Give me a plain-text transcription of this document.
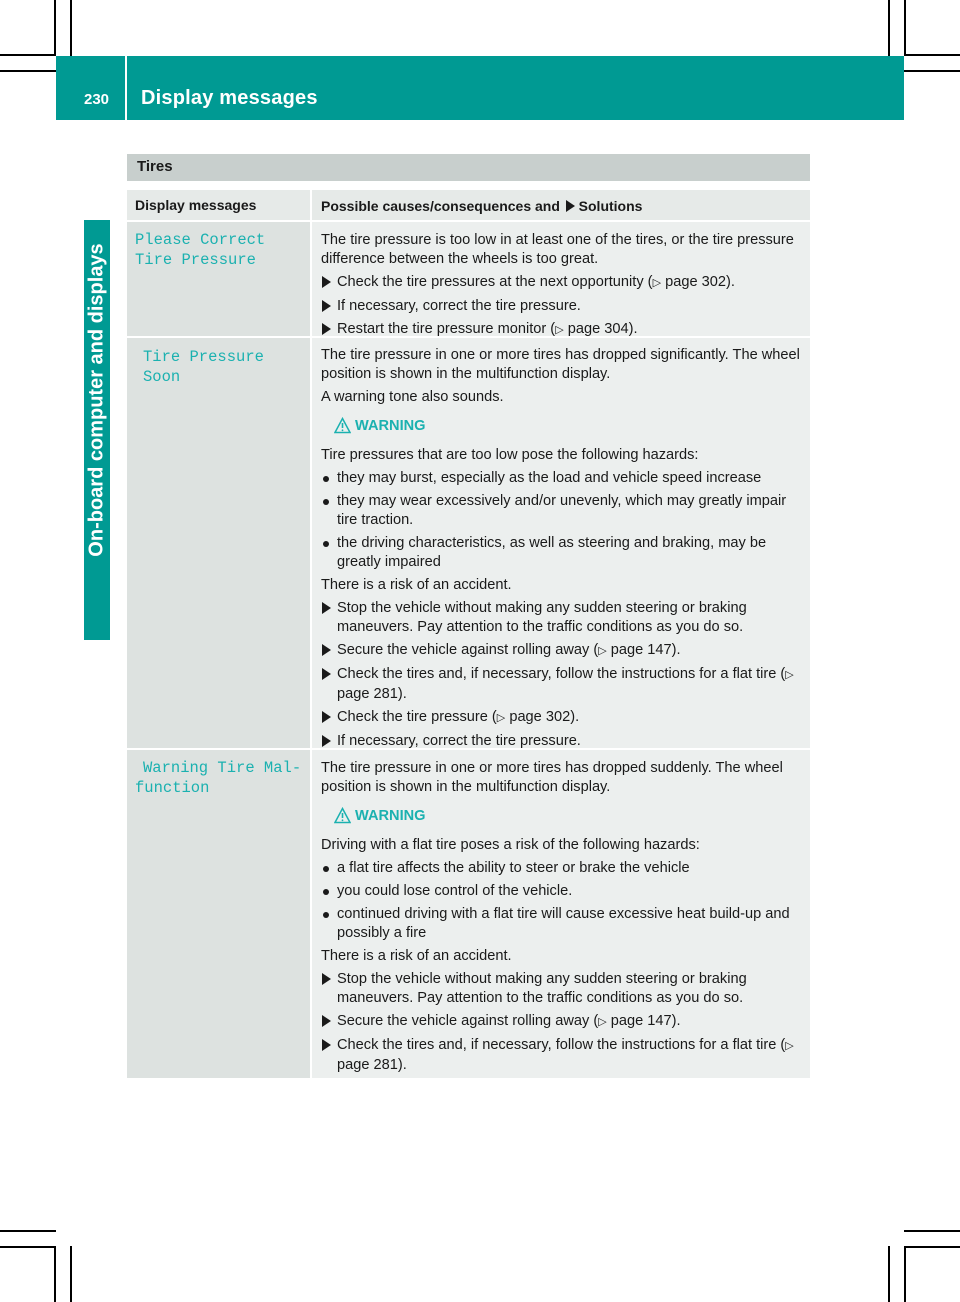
230	Display messages
On-board computer and displays
Tires
Display messages	Possible causes/consequences and Solutions
Please Correct
Tire Pressure

The tire pressure is too low in at least one of the tires, or the tire pressure difference between the wheels is too great.

Check the tire pressures at the next opportunity (▷ page 302).
If necessary, correct the tire pressure.
Restart the tire pressure monitor (▷ page 304).
Tire Pressure Soon

The tire pressure in one or more tires has dropped significantly. The wheel position is shown in the multifunction display.

A warning tone also sounds.

WARNING

Tire pressures that are too low pose the following hazards:

they may burst, especially as the load and vehicle speed increase
they may wear excessively and/or unevenly, which may greatly impair tire traction.
the driving characteristics, as well as steering and braking, may be greatly impaired

There is a risk of an accident.

Stop the vehicle without making any sudden steering or braking maneuvers. Pay attention to the traffic conditions as you do so.
Secure the vehicle against rolling away (▷ page 147).
Check the tires and, if necessary, follow the instructions for a flat tire (▷ page 281).
Check the tire pressure (▷ page 302).
If necessary, correct the tire pressure.
Warning Tire Mal‐
function

The tire pressure in one or more tires has dropped suddenly. The wheel position is shown in the multifunction display.

WARNING

Driving with a flat tire poses a risk of the following hazards:

a flat tire affects the ability to steer or brake the vehicle
you could lose control of the vehicle.
continued driving with a flat tire will cause excessive heat build-up and possibly a fire

There is a risk of an accident.

Stop the vehicle without making any sudden steering or braking maneuvers. Pay attention to the traffic conditions as you do so.
Secure the vehicle against rolling away (▷ page 147).
Check the tires and, if necessary, follow the instructions for a flat tire (▷ page 281).
